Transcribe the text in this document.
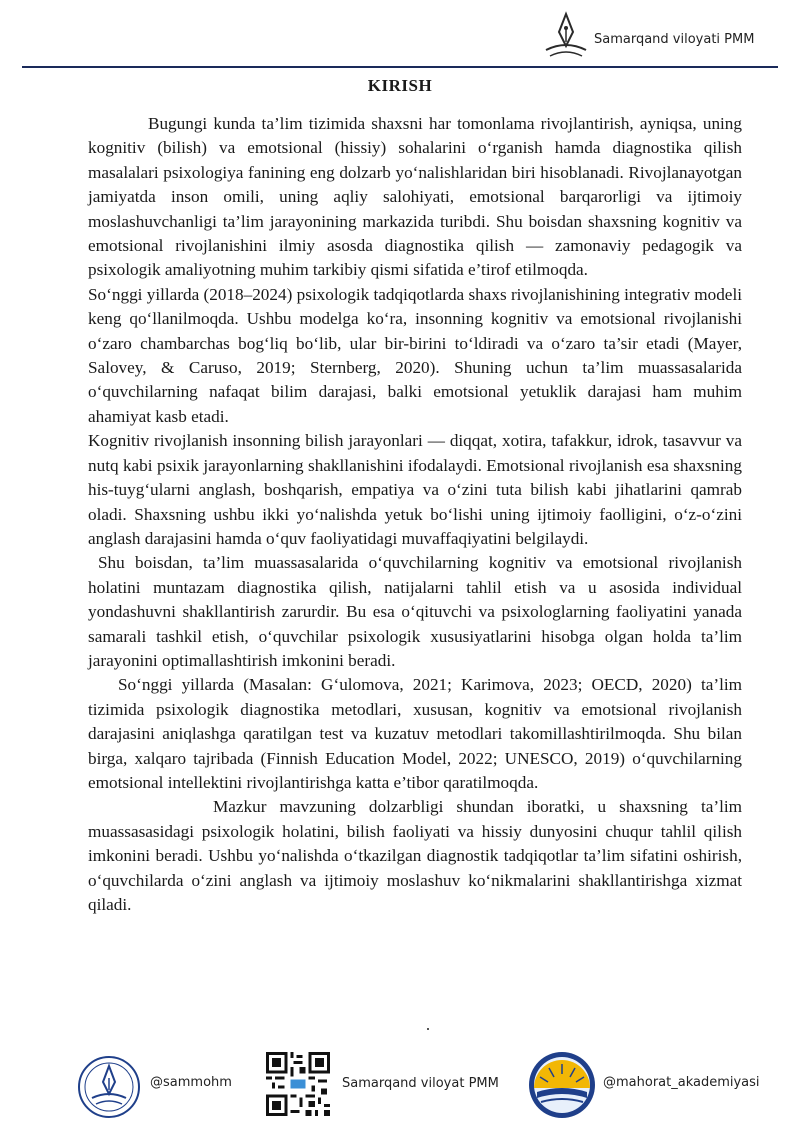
Samarqand viloyati PMM
KIRISH

Bugungi kunda ta’lim tizimida shaxsni har tomonlama rivojlantirish, ayniqsa, uning kognitiv (bilish) va emotsional (hissiy) sohalarini o‘rganish hamda diagnostika qilish masalalari psixologiya fanining eng dolzarb yo‘nalishlaridan biri hisoblanadi. Rivojlanayotgan jamiyatda inson omili, uning aqliy salohiyati, emotsional barqarorligi va ijtimoiy moslashuvchanligi ta’lim jarayonining markazida turibdi. Shu boisdan shaxsning kognitiv va emotsional rivojlanishini ilmiy asosda diagnostika qilish — zamonaviy pedagogik va psixologik amaliyotning muhim tarkibiy qismi sifatida e’tirof etilmoqda.

So‘nggi yillarda (2018–2024) psixologik tadqiqotlarda shaxs rivojlanishining integrativ modeli keng qo‘llanilmoqda. Ushbu modelga ko‘ra, insonning kognitiv va emotsional rivojlanishi o‘zaro chambarchas bog‘liq bo‘lib, ular bir-birini to‘ldiradi va o‘zaro ta’sir etadi (Mayer, Salovey, & Caruso, 2019; Sternberg, 2020). Shuning uchun ta’lim muassasalarida o‘quvchilarning nafaqat bilim darajasi, balki emotsional yetuklik darajasi ham muhim ahamiyat kasb etadi.

Kognitiv rivojlanish insonning bilish jarayonlari — diqqat, xotira, tafakkur, idrok, tasavvur va nutq kabi psixik jarayonlarning shakllanishini ifodalaydi. Emotsional rivojlanish esa shaxsning his-tuyg‘ularni anglash, boshqarish, empatiya va o‘zini tuta bilish kabi jihatlarini qamrab oladi. Shaxsning ushbu ikki yo‘nalishda yetuk bo‘lishi uning ijtimoiy faolligini, o‘z-o‘zini anglash darajasini hamda o‘quv faoliyatidagi muvaffaqiyatini belgilaydi.

Shu boisdan, ta’lim muassasalarida o‘quvchilarning kognitiv va emotsional rivojlanish holatini muntazam diagnostika qilish, natijalarni tahlil etish va u asosida individual yondashuvni shakllantirish zarurdir. Bu esa o‘qituvchi va psixologlarning faoliyatini yanada samarali tashkil etish, o‘quvchilar psixologik xususiyatlarini hisobga olgan holda ta’lim jarayonini optimallashtirish imkonini beradi.

So‘nggi yillarda (Masalan: G‘ulomova, 2021; Karimova, 2023; OECD, 2020) ta’lim tizimida psixologik diagnostika metodlari, xususan, kognitiv va emotsional rivojlanish darajasini aniqlashga qaratilgan test va kuzatuv metodlari takomillashtirilmoqda. Shu bilan birga, xalqaro tajribada (Finnish Education Model, 2022; UNESCO, 2019) o‘quvchilarning emotsional intellektini rivojlantirishga katta e’tibor qaratilmoqda.

Mazkur mavzuning dolzarbligi shundan iboratki, u shaxsning ta’lim muassasasidagi psixologik holatini, bilish faoliyati va hissiy dunyosini chuqur tahlil qilish imkonini beradi. Ushbu yo‘nalishda o‘tkazilgan diagnostik tadqiqotlar ta’lim sifatini oshirish, o‘quvchilarda o‘zini anglash va ijtimoiy moslashuv ko‘nikmalarini shakllantirishga xizmat qiladi.

@sammohm	Samarqand viloyat PMM	@mahorat_akademiyasi
